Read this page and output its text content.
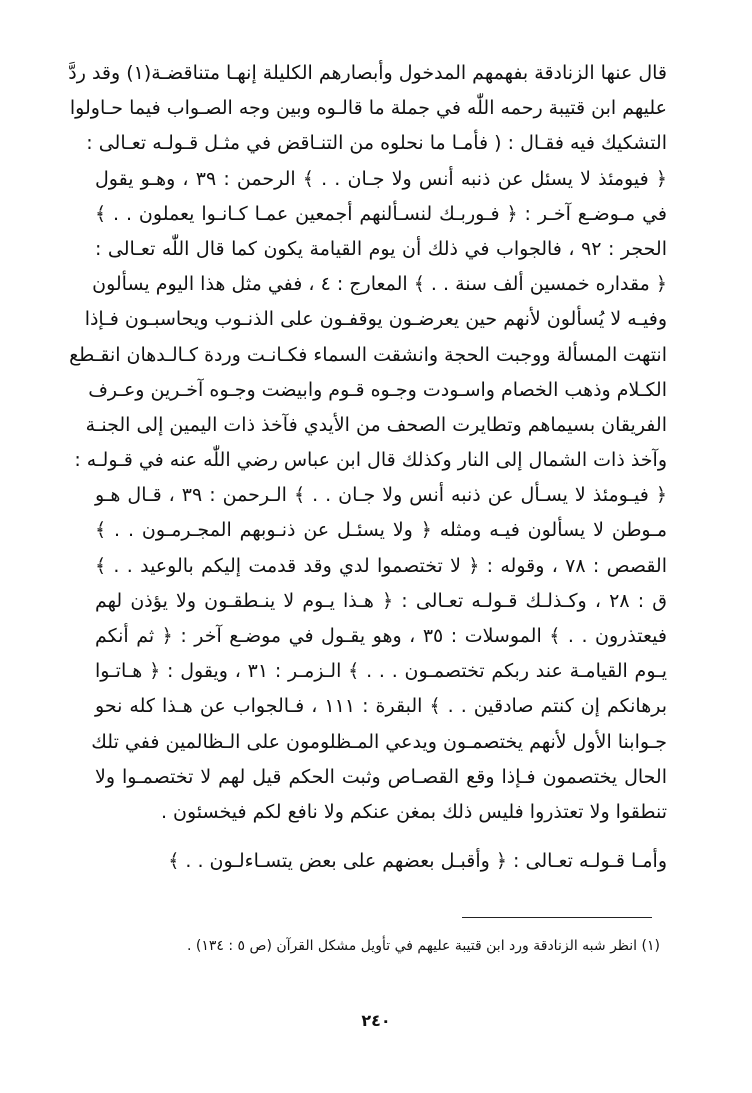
قال عنها الزنادقة بفهمهم المدخول وأبصارهم الكليلة إنهـا متناقضـة(١) وقد ردَّ
عليهم ابن قتيبة رحمه اللّٰه في جملة ما قالـوه وبين وجه الصـواب فيما حـاولوا
التشكيك فيه فقـال : ( فأمـا ما نحلوه من التنـاقض في مثـل قـولـه تعـالى :
﴿ فيومئذ لا يسئل عن ذنبه أنس ولا جـان . . ﴾ الرحمن : ٣٩ ، وهـو يقول
في مـوضـع آخـر : ﴿ فـوربـك لنسـألنهم أجمعين عمـا كـانـوا يعملون . . ﴾
الحجر : ٩٢ ، فالجواب في ذلك أن يوم القيامة يكون كما قال اللّٰه تعـالى :
﴿ مقداره خمسين ألف سنة . . ﴾ المعارج : ٤ ، ففي مثل هذا اليوم يسألون
وفيـه لا يُسألون لأنهم حين يعرضـون يوقفـون على الذنـوب ويحاسبـون فـإذا
انتهت المسألة ووجبت الحجة وانشقت السماء فكـانـت وردة كـالـدهان انقـطع
الكـلام وذهب الخصام واسـودت وجـوه قـوم وابيضت وجـوه آخـرين وعـرف
الفريقان بسيماهم وتطايرت الصحف من الأيدي فآخذ ذات اليمين إلى الجنـة
وآخذ ذات الشمال إلى النار وكذلك قال ابن عباس رضي اللّٰه عنه في قـولـه :
﴿ فيـومئذ لا يسـأل عن ذنبه أنس ولا جـان . . ﴾ الـرحمن : ٣٩ ، قـال هـو
مـوطن لا يسألون فيـه ومثله ﴿ ولا يسئـل عن ذنـوبهم المجـرمـون . . ﴾
القصص : ٧٨ ، وقوله : ﴿ لا تختصموا لدي وقد قدمت إليكم بالوعيد . . ﴾
ق : ٢٨ ، وكـذلـك قـولـه تعـالى : ﴿ هـذا يـوم لا ينـطقـون ولا يؤذن لهم
فيعتذرون . . ﴾ الموسلات : ٣٥ ، وهو يقـول في موضـع آخر : ﴿ ثم أنكم
يـوم القيامـة عند ربكم تختصمـون . . . ﴾ الـزمـر : ٣١ ، ويقول : ﴿ هـاتـوا
برهانكم إن كنتم صادقين . . ﴾ البقرة : ١١١ ، فـالجواب عن هـذا كله نحو
جـوابنا الأول لأنهم يختصمـون ويدعي المـظلومون على الـظالمين ففي تلك
الحال يختصمون فـإذا وقع القصـاص وثبت الحكم قيل لهم لا تختصمـوا ولا
تنطقوا ولا تعتذروا فليس ذلك بمغن عنكم ولا نافع لكم فيخسئون .
وأمـا قـولـه تعـالى : ﴿ وأقبـل بعضهم على بعض يتسـاءلـون . . ﴾
(١) انظر شبه الزنادقة ورد ابن قتيبة عليهم في تأويل مشكل القرآن (ص ٥ : ١٣٤) .
٢٤٠
